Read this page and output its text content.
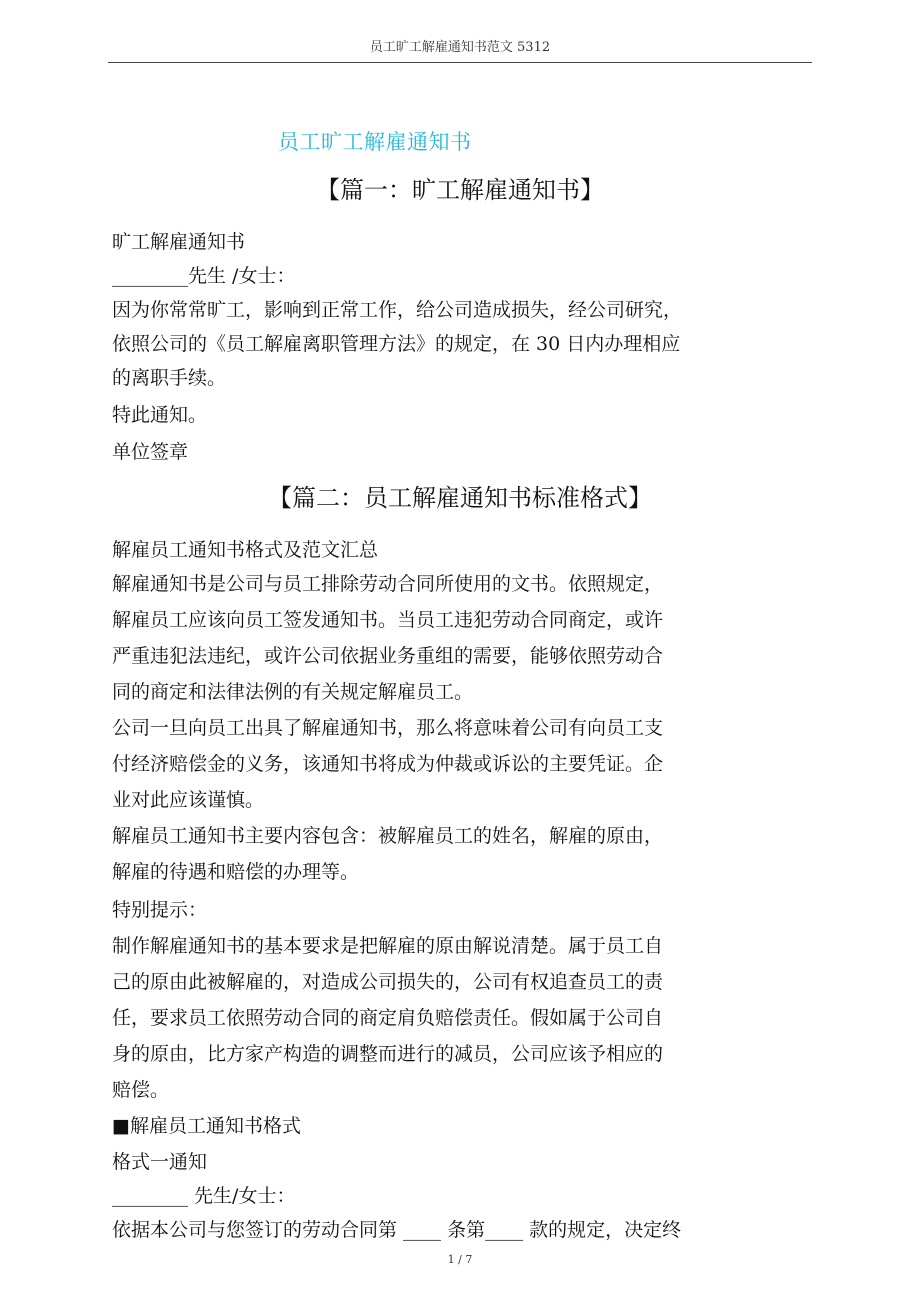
员工旷工解雇通知书范文 5312
员工旷工解雇通知书
【篇一：旷工解雇通知书】
旷工解雇通知书
________先生 /女士：
因为你常常旷工，影响到正常工作，给公司造成损失，经公司研究，
依照公司的《员工解雇离职管理方法》的规定，在 30 日内办理相应
的离职手续。
特此通知。
单位签章
【篇二：员工解雇通知书标准格式】
解雇员工通知书格式及范文汇总
解雇通知书是公司与员工排除劳动合同所使用的文书。依照规定，
解雇员工应该向员工签发通知书。当员工违犯劳动合同商定，或许
严重违犯法违纪，或许公司依据业务重组的需要，能够依照劳动合
同的商定和法律法例的有关规定解雇员工。
公司一旦向员工出具了解雇通知书，那么将意味着公司有向员工支
付经济赔偿金的义务，该通知书将成为仲裁或诉讼的主要凭证。企
业对此应该谨慎。
解雇员工通知书主要内容包含：被解雇员工的姓名，解雇的原由，
解雇的待遇和赔偿的办理等。
特别提示：
制作解雇通知书的基本要求是把解雇的原由解说清楚。属于员工自
己的原由此被解雇的，对造成公司损失的，公司有权追查员工的责
任，要求员工依照劳动合同的商定肩负赔偿责任。假如属于公司自
身的原由，比方家产构造的调整而进行的减员，公司应该予相应的
赔偿。
■解雇员工通知书格式
格式一通知
________ 先生/女士：
依据本公司与您签订的劳动合同第 ____ 条第____ 款的规定，决定终
1 / 7
